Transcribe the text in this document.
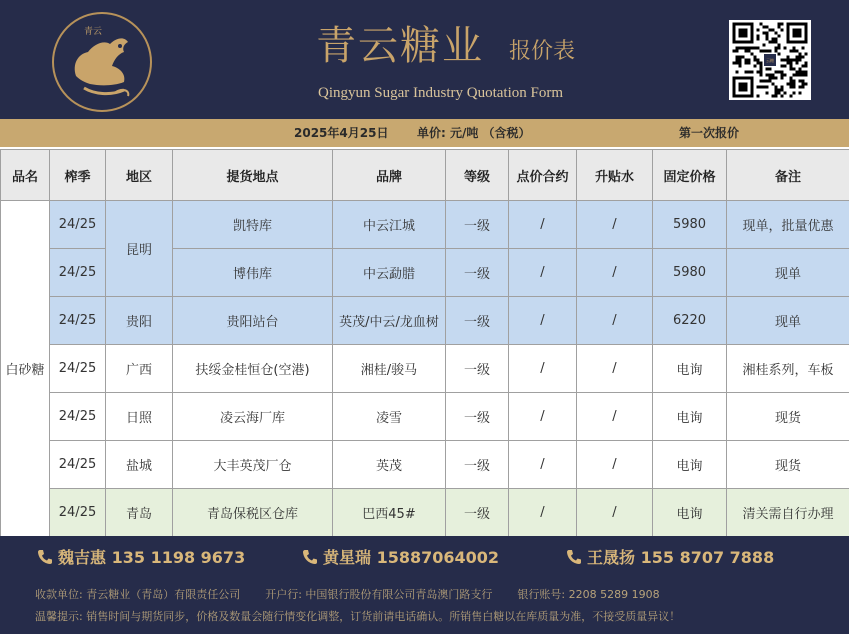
青云	青云糖业 报价表
Qingyun Sugar Industry Quotation Form
云糖
2025年4月25日 单价: 元/吨 （含税）	第一次报价
品名	榨季	地区	提货地点	品牌	等级	点价合约	升贴水	固定价格	备注
白砂糖	24/25	昆明	凯特库	中云江城	一级	/	/	5980	现单，批量优惠
	24/25		博伟库	中云勐腊	一级	/	/	5980	现单
	24/25	贵阳	贵阳站台	英茂/中云/龙血树	一级	/	/	6220	现单
	24/25	广西	扶绥金桂恒仓(空港)	湘桂/骏马	一级	/	/	电询	湘桂系列，车板
	24/25	日照	凌云海厂库	凌雪	一级	/	/	电询	现货
	24/25	盐城	大丰英茂厂仓	英茂	一级	/	/	电询	现货
	24/25	青岛	青岛保税区仓库	巴西45#	一级	/	/	电询	清关需自行办理
魏吉惠 135 1198 9673	黄星瑞 15887064002	王晟扬 155 8707 7888
收款单位: 青云糖业（青岛）有限责任公司 开户行: 中国银行股份有限公司青岛澳门路支行 银行账号: 2208 5289 1908
温馨提示: 销售时间与期货同步，价格及数量会随行情变化调整，订货前请电话确认。所销售白糖以在库质量为准，不接受质量异议！
